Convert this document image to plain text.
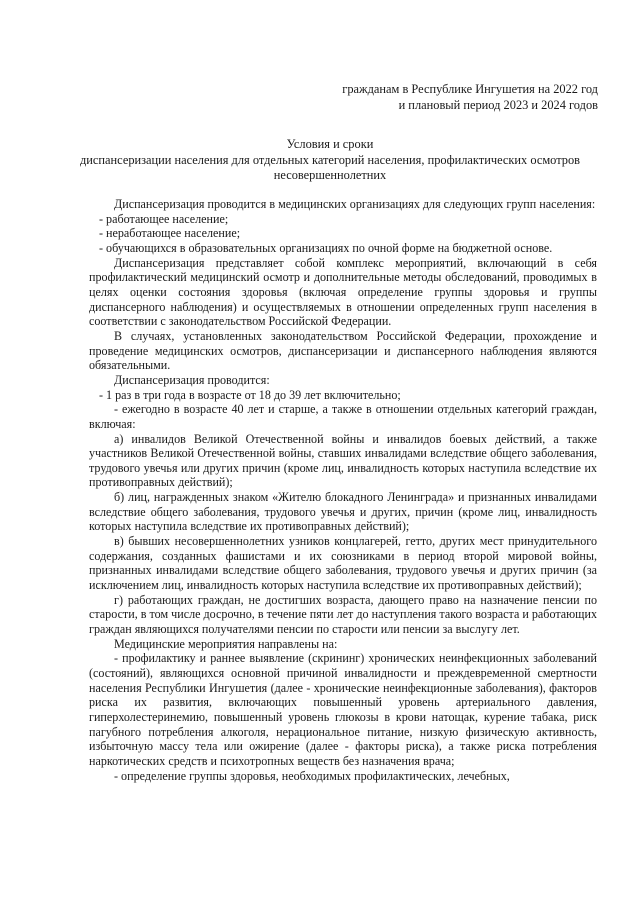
гражданам в Республике Ингушетия на 2022 год
и плановый период 2023 и 2024 годов
Условия и сроки
диспансеризации населения для отдельных категорий населения, профилактических осмотров
несовершеннолетних

Диспансеризация проводится в медицинских организациях для следующих групп населения:

- работающее население;

- неработающее население;

- обучающихся в образовательных организациях по очной форме на бюджетной основе.

Диспансеризация представляет собой комплекс мероприятий, включающий в себя профилактический медицинский осмотр и дополнительные методы обследований, проводимых в целях оценки состояния здоровья (включая определение группы здоровья и группы диспансерного наблюдения) и осуществляемых в отношении определенных групп населения в соответствии с законодательством Российской Федерации.

В случаях, установленных законодательством Российской Федерации, прохождение и проведение медицинских осмотров, диспансеризации и диспансерного наблюдения являются обязательными.

Диспансеризация проводится:

- 1 раз в три года в возрасте от 18 до 39 лет включительно;

- ежегодно в возрасте 40 лет и старше, а также в отношении отдельных категорий граждан, включая:

а) инвалидов Великой Отечественной войны и инвалидов боевых действий, а также участников Великой Отечественной войны, ставших инвалидами вследствие общего заболевания, трудового увечья или других причин (кроме лиц, инвалидность которых наступила вследствие их противоправных действий);

б) лиц, награжденных знаком «Жителю блокадного Ленинграда» и признанных инвалидами вследствие общего заболевания, трудового увечья и других, причин (кроме лиц, инвалидность которых наступила вследствие их противоправных действий);

в) бывших несовершеннолетних узников концлагерей, гетто, других мест принудительного содержания, созданных фашистами и их союзниками в период второй мировой войны, признанных инвалидами вследствие общего заболевания, трудового увечья и других причин (за исключением лиц, инвалидность которых наступила вследствие их противоправных действий);

г) работающих граждан, не достигших возраста, дающего право на назначение пенсии по старости, в том числе досрочно, в течение пяти лет до наступления такого возраста и работающих граждан являющихся получателями пенсии по старости или пенсии за выслугу лет.

Медицинские мероприятия направлены на:

- профилактику и раннее выявление (скрининг) хронических неинфекционных заболеваний (состояний), являющихся основной причиной инвалидности и преждевременной смертности населения Республики Ингушетия (далее - хронические неинфекционные заболевания), факторов риска их развития, включающих повышенный уровень артериального давления, гиперхолестеринемию, повышенный уровень глюкозы в крови натощак, курение табака, риск пагубного потребления алкоголя, нерациональное питание, низкую физическую активность, избыточную массу тела или ожирение (далее - факторы риска), а также риска потребления наркотических средств и психотропных веществ без назначения врача;

- определение группы здоровья, необходимых профилактических, лечебных,
